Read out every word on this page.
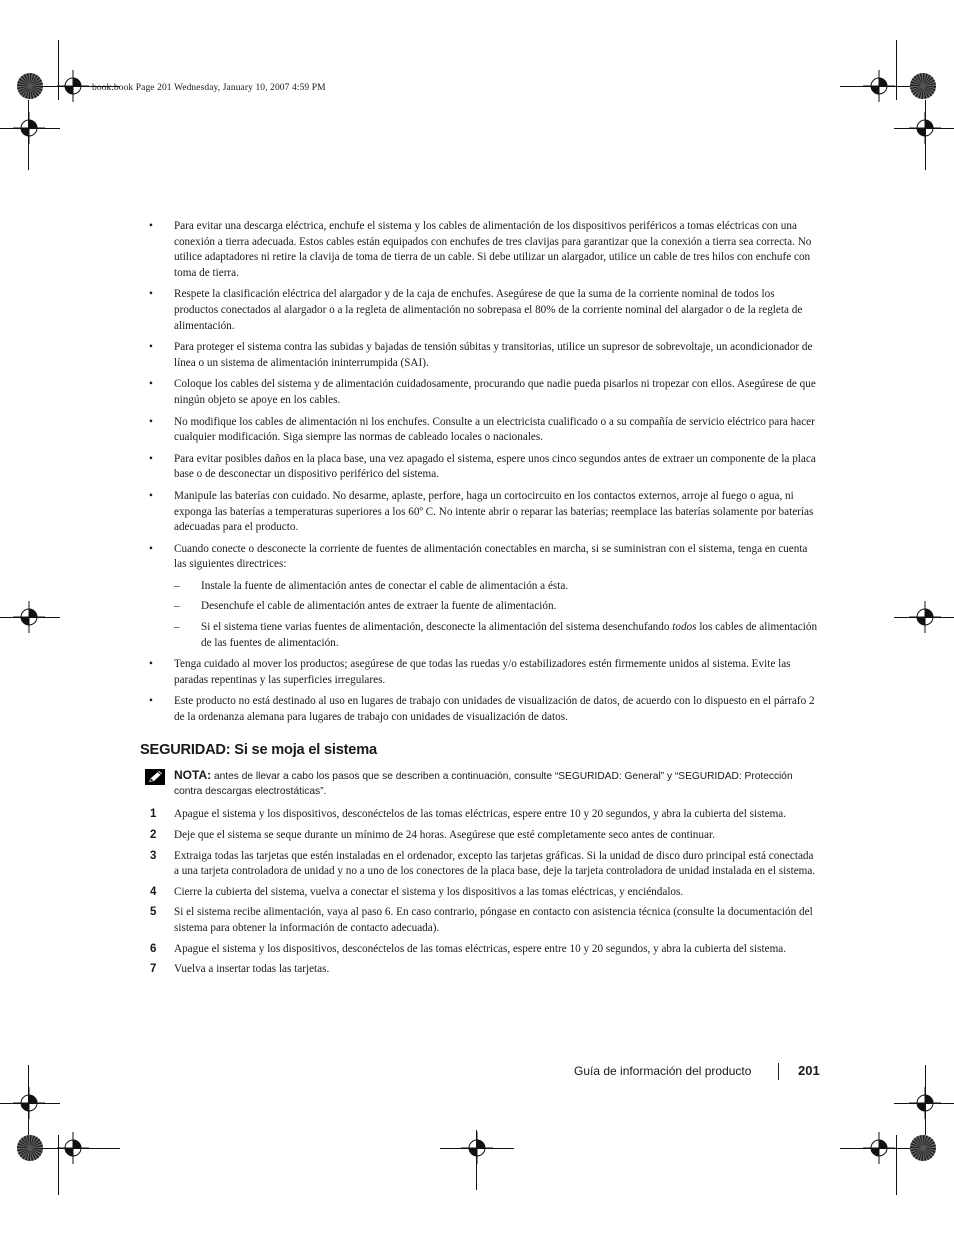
book.book Page 201 Wednesday, January 10, 2007 4:59 PM
• Para evitar una descarga eléctrica, enchufe el sistema y los cables de alimentación de los dispositivos periféricos a tomas eléctricas con una conexión a tierra adecuada. Estos cables están equipados con enchufes de tres clavijas para garantizar que la conexión a tierra sea correcta. No utilice adaptadores ni retire la clavija de toma de tierra de un cable. Si debe utilizar un alargador, utilice un cable de tres hilos con enchufe con toma de tierra.
• Respete la clasificación eléctrica del alargador y de la caja de enchufes. Asegúrese de que la suma de la corriente nominal de todos los productos conectados al alargador o a la regleta de alimentación no sobrepasa el 80% de la corriente nominal del alargador o de la regleta de alimentación.
• Para proteger el sistema contra las subidas y bajadas de tensión súbitas y transitorias, utilice un supresor de sobrevoltaje, un acondicionador de línea o un sistema de alimentación ininterrumpida (SAI).
• Coloque los cables del sistema y de alimentación cuidadosamente, procurando que nadie pueda pisarlos ni tropezar con ellos. Asegúrese de que ningún objeto se apoye en los cables.
• No modifique los cables de alimentación ni los enchufes. Consulte a un electricista cualificado o a su compañía de servicio eléctrico para hacer cualquier modificación. Siga siempre las normas de cableado locales o nacionales.
• Para evitar posibles daños en la placa base, una vez apagado el sistema, espere unos cinco segundos antes de extraer un componente de la placa base o de desconectar un dispositivo periférico del sistema.
• Manipule las baterías con cuidado. No desarme, aplaste, perfore, haga un cortocircuito en los contactos externos, arroje al fuego o agua, ni exponga las baterías a temperaturas superiores a los 60º C. No intente abrir o reparar las baterías; reemplace las baterías solamente por baterías adecuadas para el producto.
• Cuando conecte o desconecte la corriente de fuentes de alimentación conectables en marcha, si se suministran con el sistema, tenga en cuenta las siguientes directrices:
– Instale la fuente de alimentación antes de conectar el cable de alimentación a ésta.
– Desenchufe el cable de alimentación antes de extraer la fuente de alimentación.
– Si el sistema tiene varias fuentes de alimentación, desconecte la alimentación del sistema desenchufando todos los cables de alimentación de las fuentes de alimentación.
• Tenga cuidado al mover los productos; asegúrese de que todas las ruedas y/o estabilizadores estén firmemente unidos al sistema. Evite las paradas repentinas y las superficies irregulares.
• Este producto no está destinado al uso en lugares de trabajo con unidades de visualización de datos, de acuerdo con lo dispuesto en el párrafo 2 de la ordenanza alemana para lugares de trabajo con unidades de visualización de datos.
SEGURIDAD: Si se moja el sistema
NOTA: antes de llevar a cabo los pasos que se describen a continuación, consulte “SEGURIDAD: General” y “SEGURIDAD: Protección contra descargas electrostáticas”.
1 Apague el sistema y los dispositivos, desconéctelos de las tomas eléctricas, espere entre 10 y 20 segundos, y abra la cubierta del sistema.
2 Deje que el sistema se seque durante un mínimo de 24 horas. Asegúrese que esté completamente seco antes de continuar.
3 Extraiga todas las tarjetas que estén instaladas en el ordenador, excepto las tarjetas gráficas. Si la unidad de disco duro principal está conectada a una tarjeta controladora de unidad y no a uno de los conectores de la placa base, deje la tarjeta controladora de unidad instalada en el sistema.
4 Cierre la cubierta del sistema, vuelva a conectar el sistema y los dispositivos a las tomas eléctricas, y enciéndalos.
5 Si el sistema recibe alimentación, vaya al paso 6. En caso contrario, póngase en contacto con asistencia técnica (consulte la documentación del sistema para obtener la información de contacto adecuada).
6 Apague el sistema y los dispositivos, desconéctelos de las tomas eléctricas, espere entre 10 y 20 segundos, y abra la cubierta del sistema.
7 Vuelva a insertar todas las tarjetas.
Guía de información del producto	201
